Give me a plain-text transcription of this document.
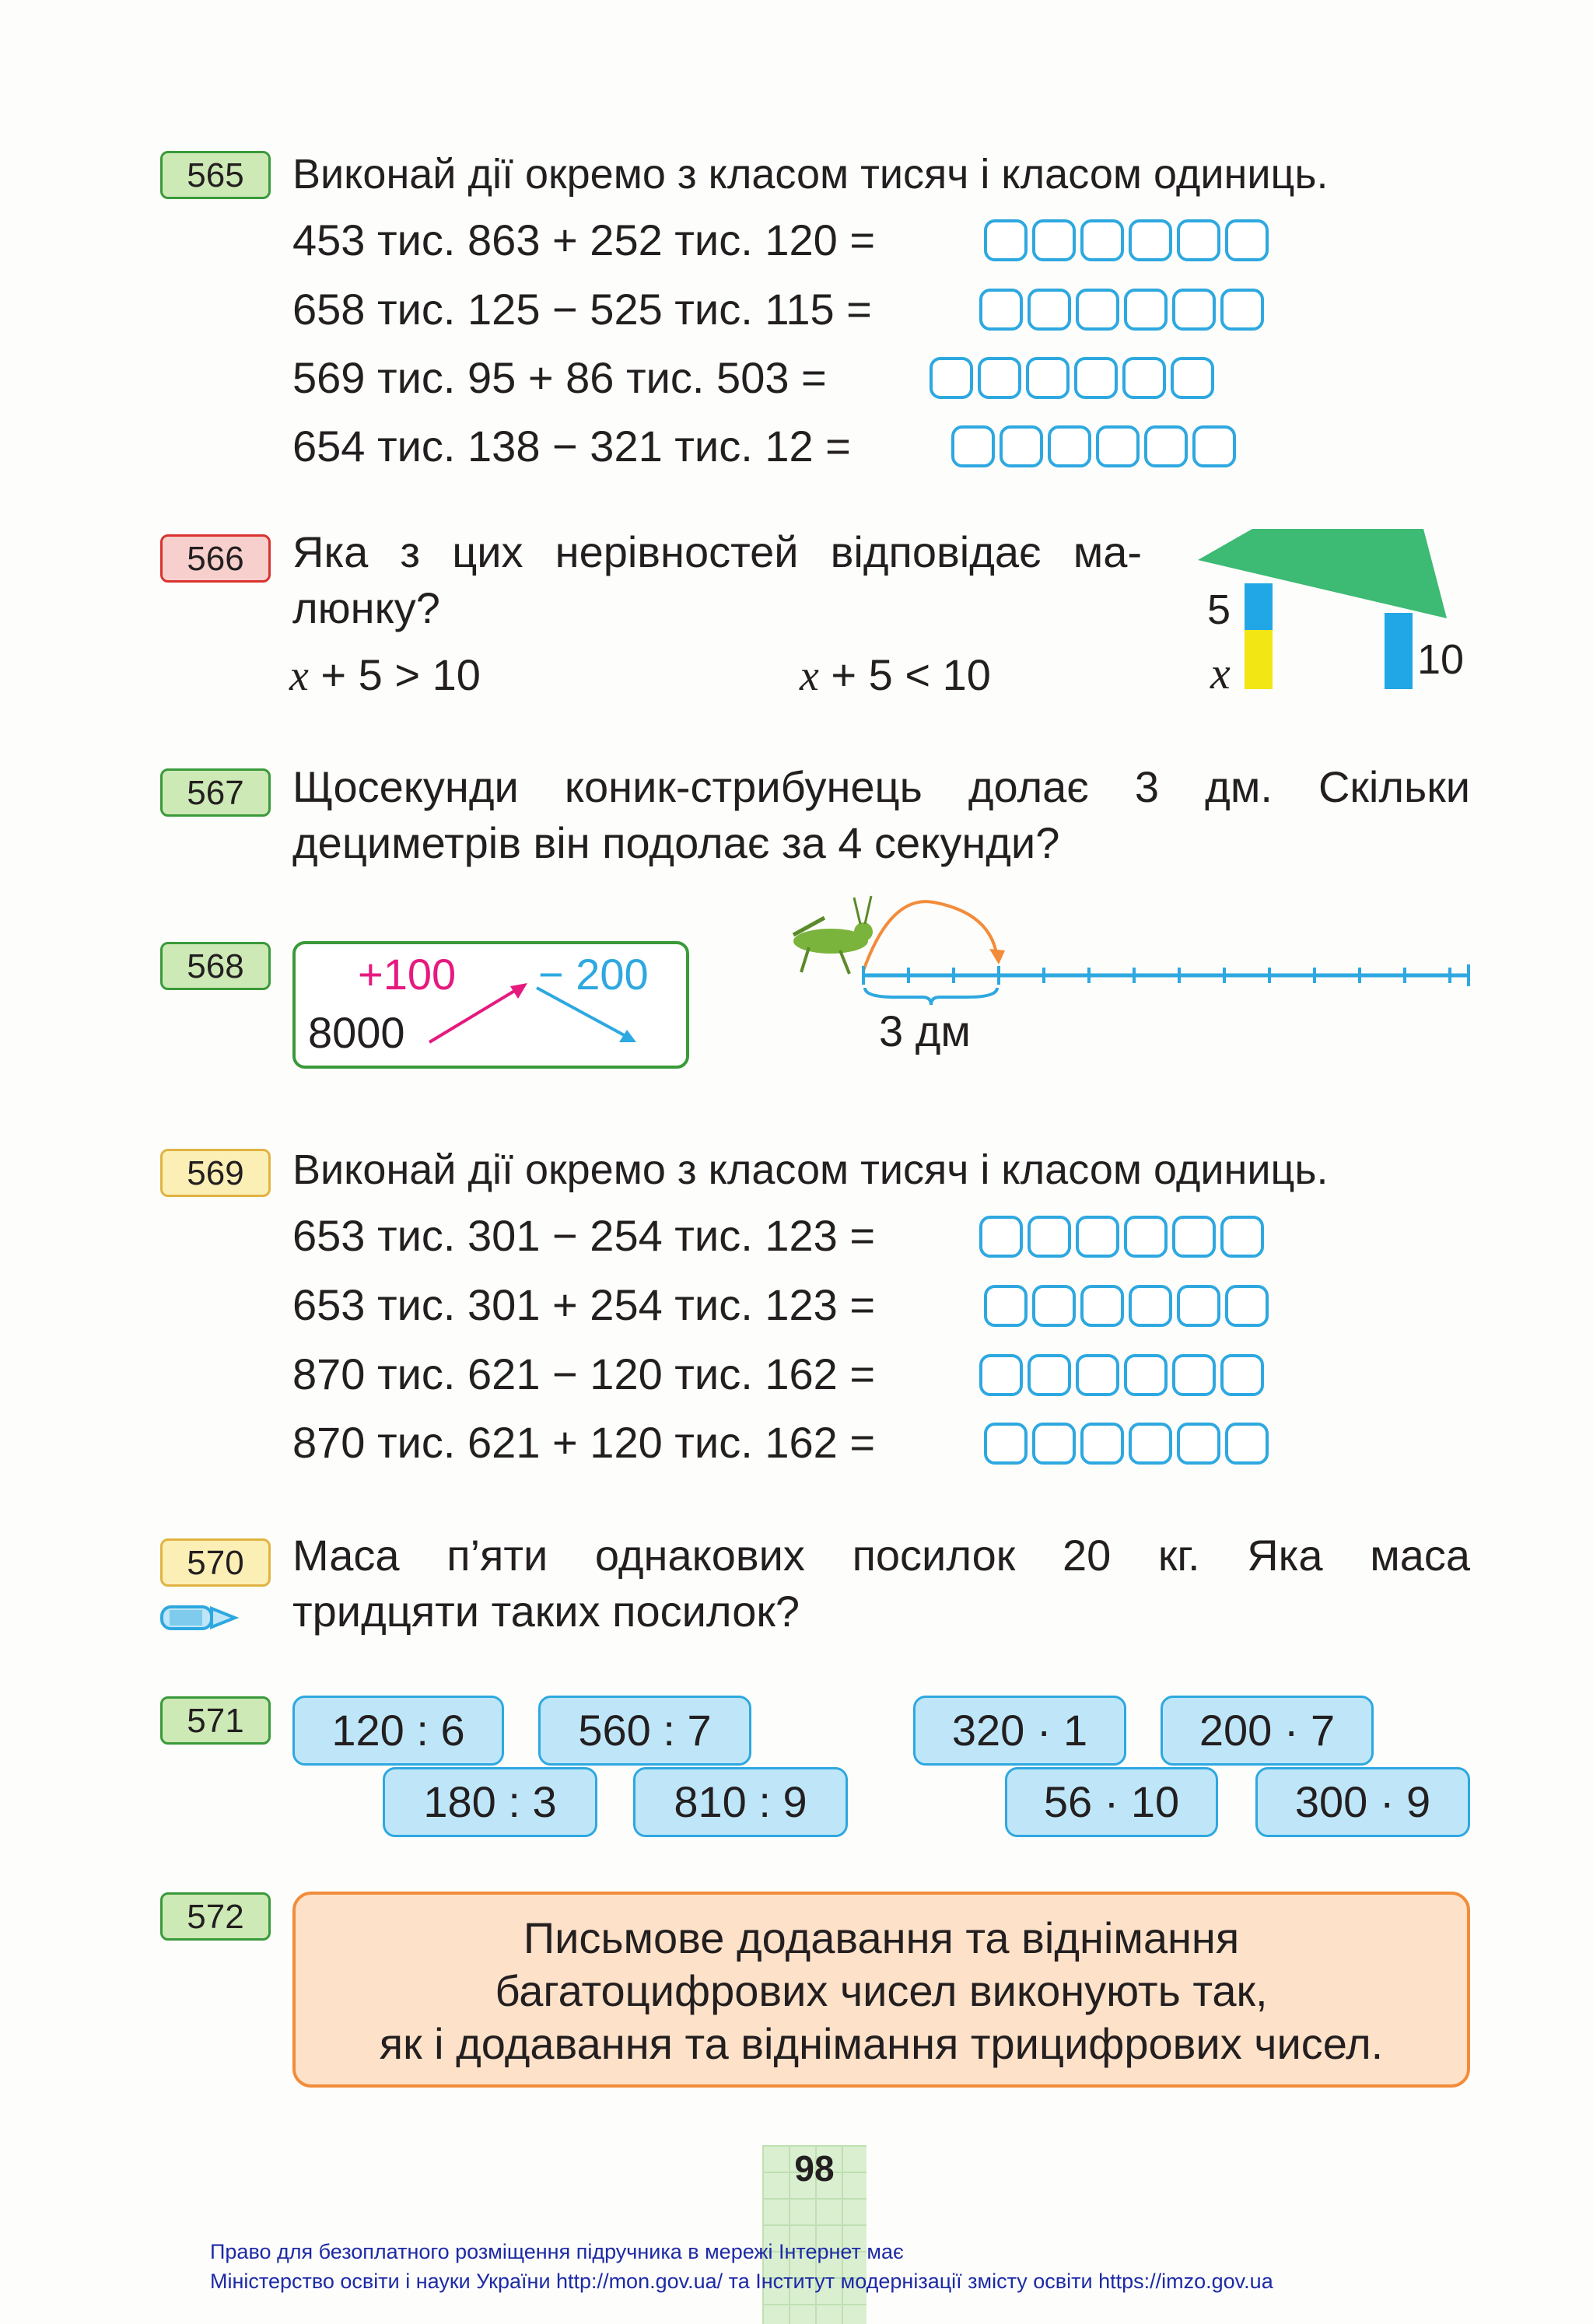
565	Виконай дії окремо з класом тисяч і класом одиниць.
453 тис. 863 + 252 тис. 120 =
658 тис. 125 − 525 тис. 115 =
569 тис. 95 + 86 тис. 503 =
654 тис. 138 − 321 тис. 12 =
566	Яка з цих нерівностей відповідає ма-
люнку?
x + 5 > 10	x + 5 < 10
5
x	10
567	Щосекунди коник-стрибунець долає 3 дм. Скільки
дециметрів він подолає за 4 секунди?
568	+100 − 200
8000	3 дм
569	Виконай дії окремо з класом тисяч і класом одиниць.
653 тис. 301 − 254 тис. 123 =
653 тис. 301 + 254 тис. 123 =
870 тис. 621 − 120 тис. 162 =
870 тис. 621 + 120 тис. 162 =
570	Маса п’яти однакових посилок 20 кг. Яка маса
тридцяти таких посилок?
571	120 : 6	560 : 7
180 : 3	810 : 9
320 · 1	200 · 7
56 · 10	300 · 9
572	Письмове додавання та віднімання
багатоцифрових чисел виконують так,
як і додавання та віднімання трицифрових чисел.
98
Право для безоплатного розміщення підручника в мережі Інтернет має
Міністерство освіти і науки України http://mon.gov.ua/ та Інститут модернізації змісту освіти https://imzo.gov.ua
